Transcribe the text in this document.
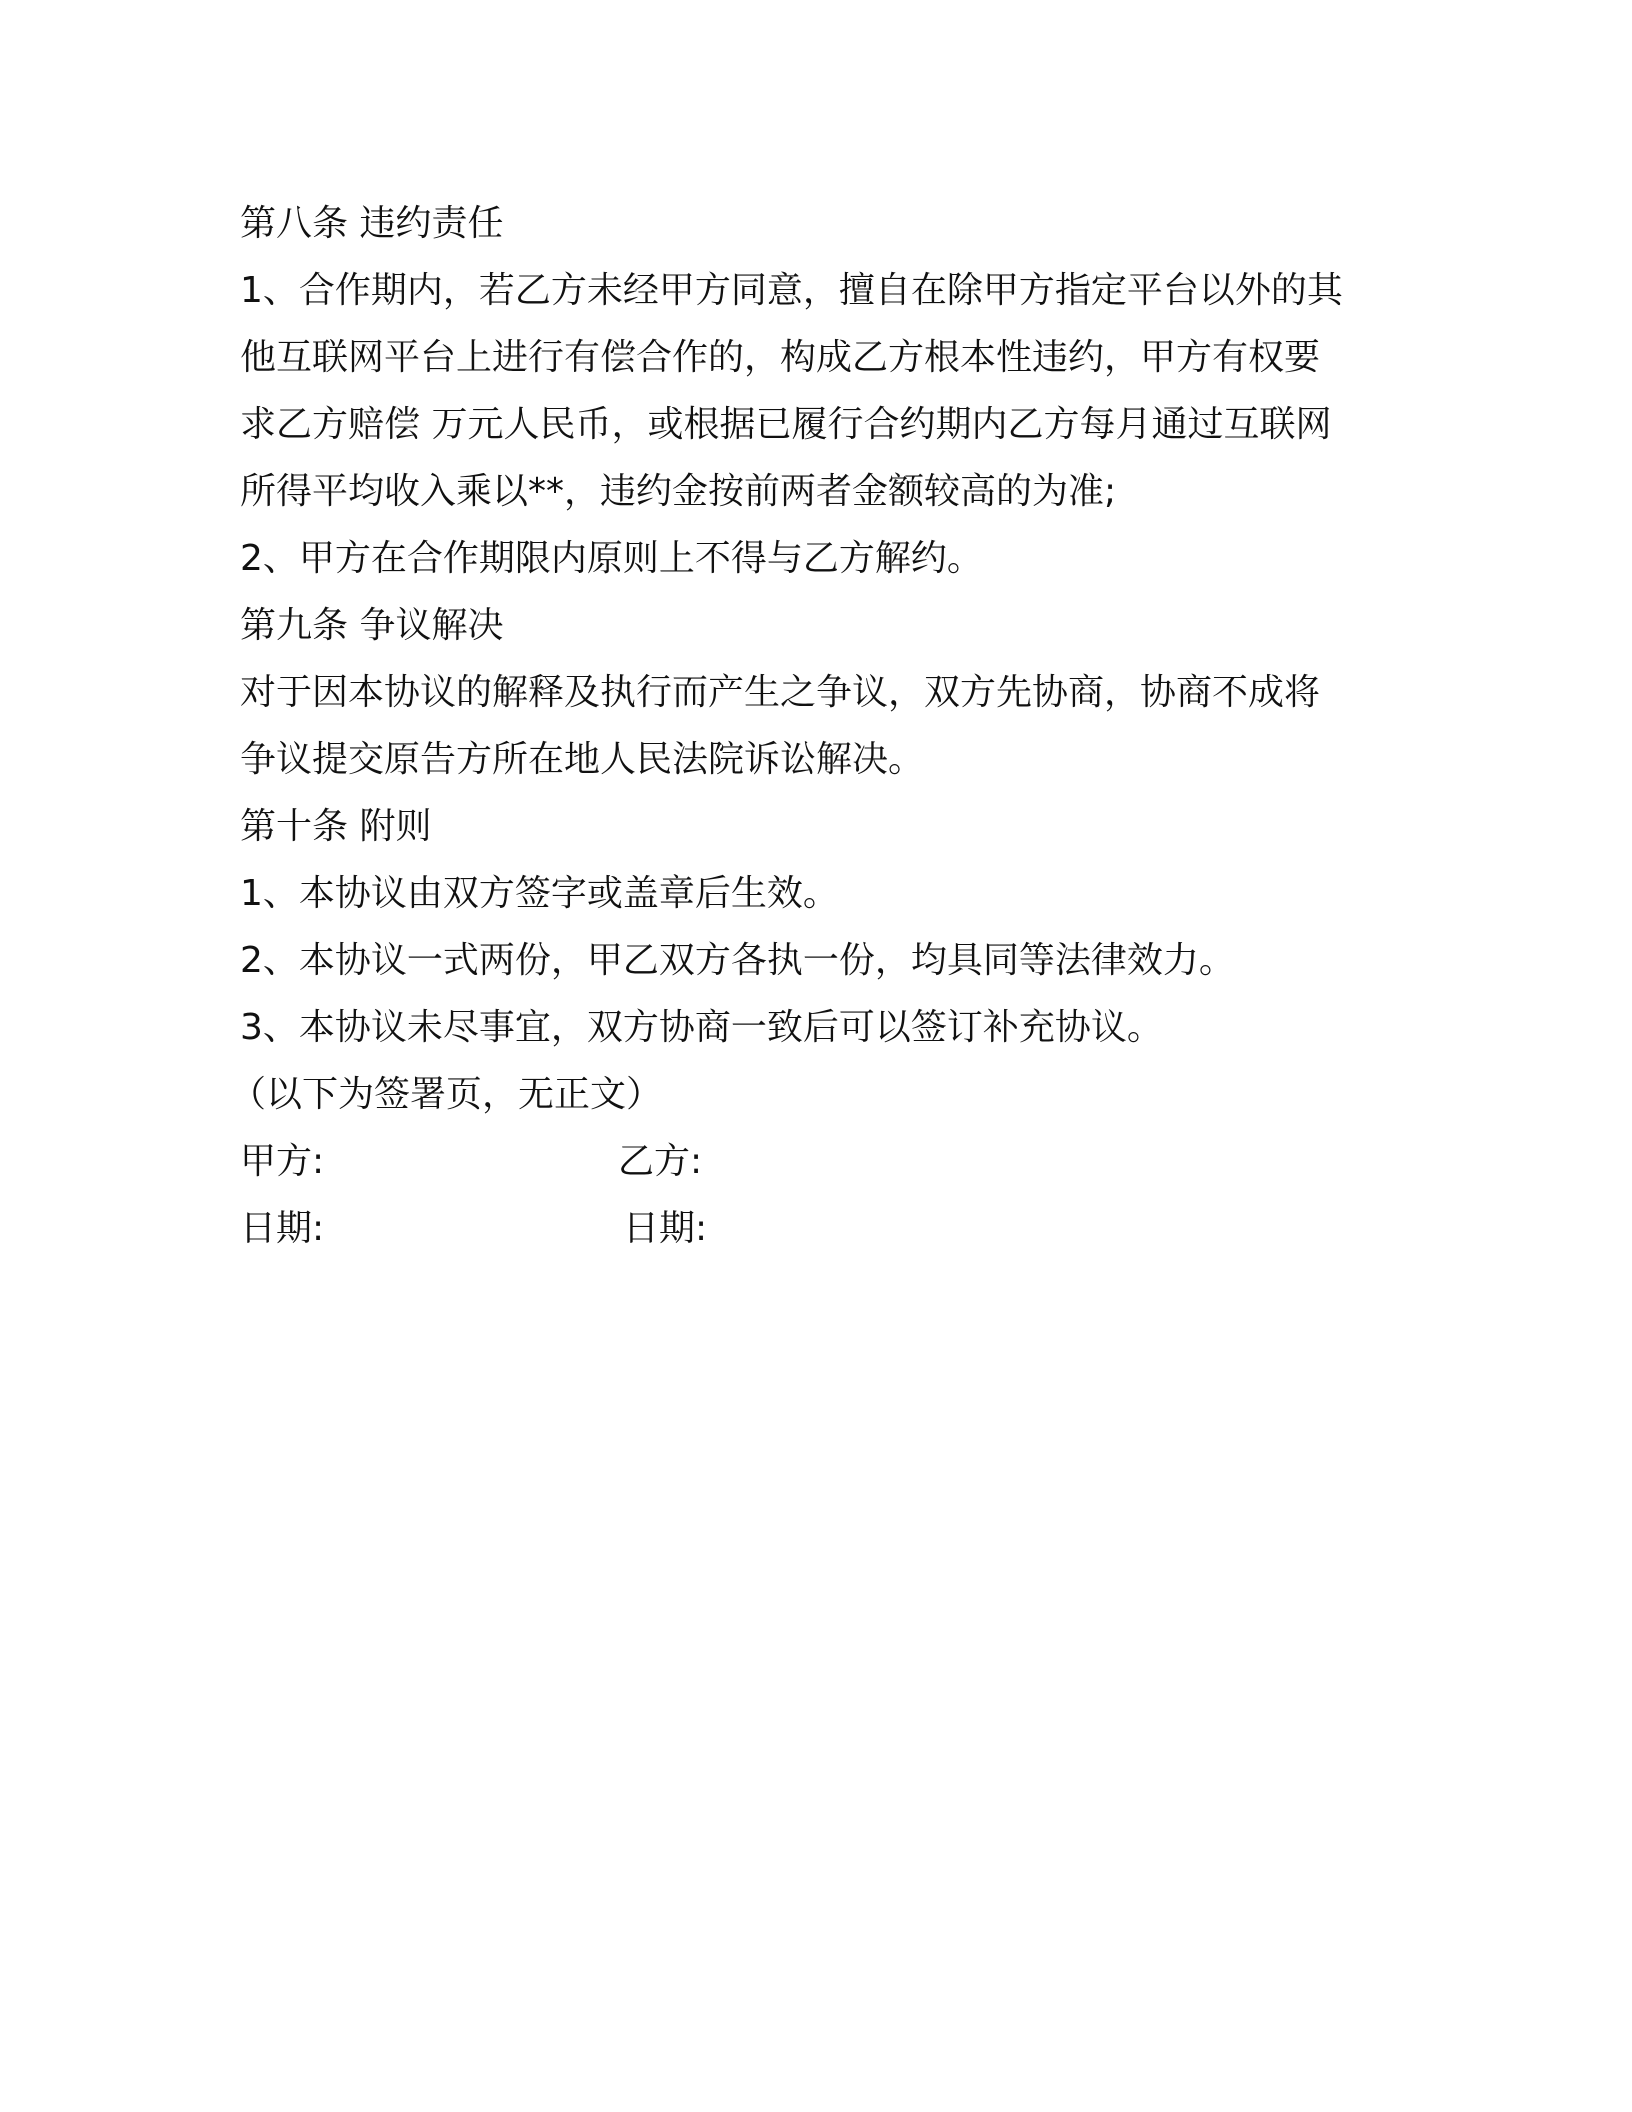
第八条 违约责任
1、合作期内，若乙方未经甲方同意，擅自在除甲方指定平台以外的其
他互联网平台上进行有偿合作的，构成乙方根本性违约，甲方有权要
求乙方赔偿 万元人民币，或根据已履行合约期内乙方每月通过互联网
所得平均收入乘以**，违约金按前两者金额较高的为准;
2、甲方在合作期限内原则上不得与乙方解约。
第九条 争议解决
对于因本协议的解释及执行而产生之争议，双方先协商，协商不成将
争议提交原告方所在地人民法院诉讼解决。
第十条 附则
1、本协议由双方签字或盖章后生效。
2、本协议一式两份，甲乙双方各执一份，均具同等法律效力。
3、本协议未尽事宜，双方协商一致后可以签订补充协议。
（以下为签署页，无正文）
甲方:	乙方:
日期:	日期:
